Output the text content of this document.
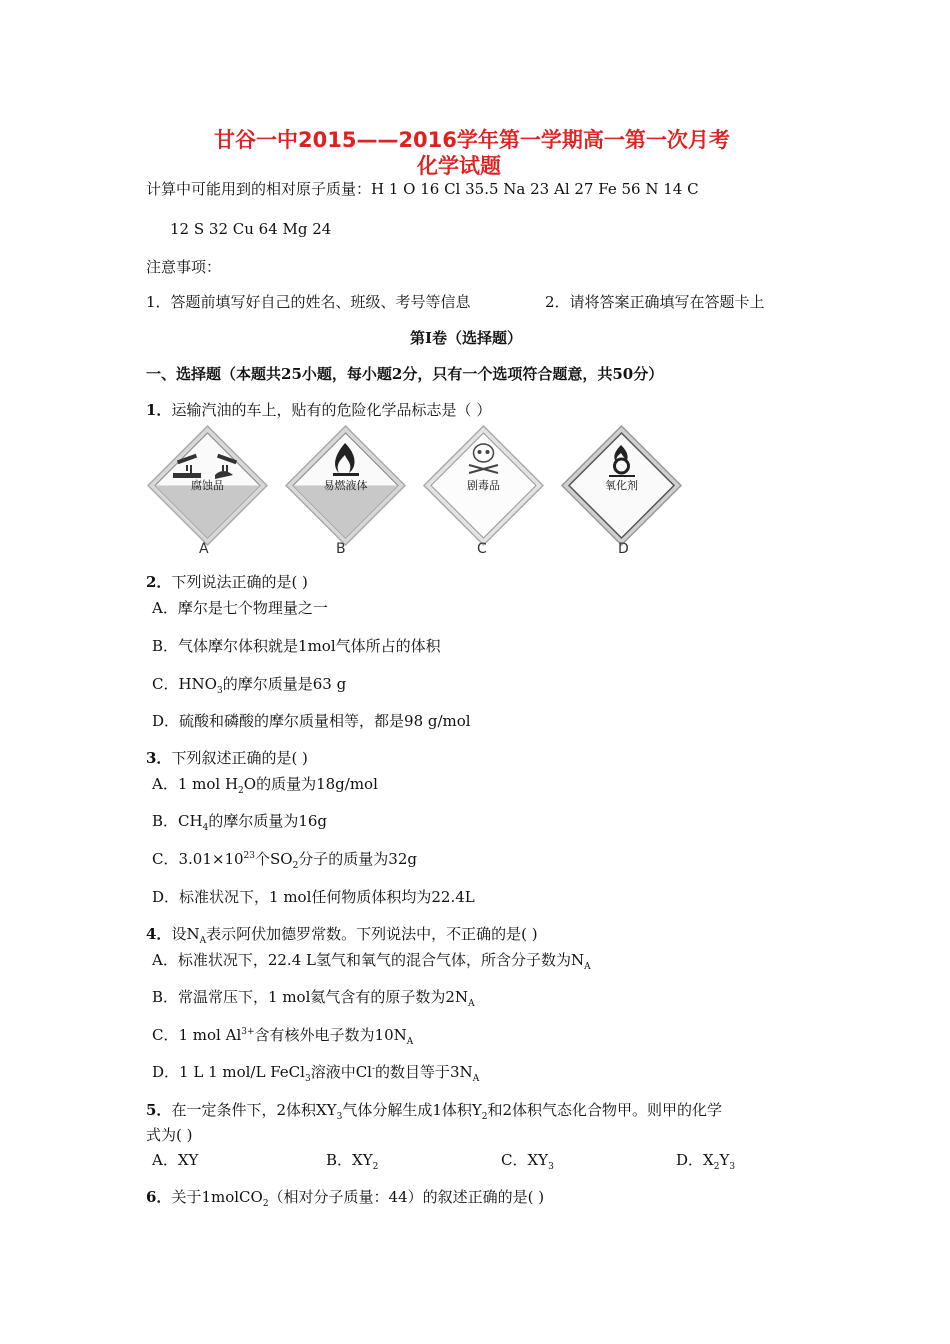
甘谷一中2015——2016学年第一学期高一第一次月考
化学试题
计算中可能用到的相对原子质量：H 1 O 16 Cl 35.5 Na 23 Al 27 Fe 56 N 14 C
12 S 32 Cu 64 Mg 24
注意事项：
1．答题前填写好自己的姓名、班级、考号等信息	2．请将答案正确填写在答题卡上
第I卷（选择题）
一、选择题（本题共25小题，每小题2分，只有一个选项符合题意，共50分）
1．运输汽油的车上，贴有的危险化学品标志是（ ）
腐蚀品	易燃液体	剧毒品	氧化剂
A	B	C	D
2．下列说法正确的是( )
A．摩尔是七个物理量之一
B．气体摩尔体积就是1mol气体所占的体积
C．$HNO_3$的摩尔质量是63 g
D．硫酸和磷酸的摩尔质量相等，都是98 g/mol
3．下列叙述正确的是( )
A．1 mol $H_2O$的质量为18g/mol
B．$CH_4$的摩尔质量为16g
C．$3.01\times 10^{23}$个$SO_2$分子的质量为32g
D．标准状况下，1 mol任何物质体积均为22.4L
4．设$N_A$表示阿伏加德罗常数。下列说法中，不正确的是( )
A．标准状况下，22.4 L氢气和氧气的混合气体，所含分子数为$N_A$
B．常温常压下，1 mol氦气含有的原子数为$2N_A$
C．1 mol $Al^{3+}$含有核外电子数为$10N_A$
D．1 L 1 mol/L FeCl$_3$溶液中Cl-的数目等于$3N_A$
5．在一定条件下，2体积$XY_3$气体分解生成1体积$Y_2$和2体积气态化合物甲。则甲的化学
式为( )
A．XY	B．$XY_2$	C．$XY_3$	D．$X_2Y_3$
6．关于1molCO$_2$（相对分子质量：44）的叙述正确的是( )
